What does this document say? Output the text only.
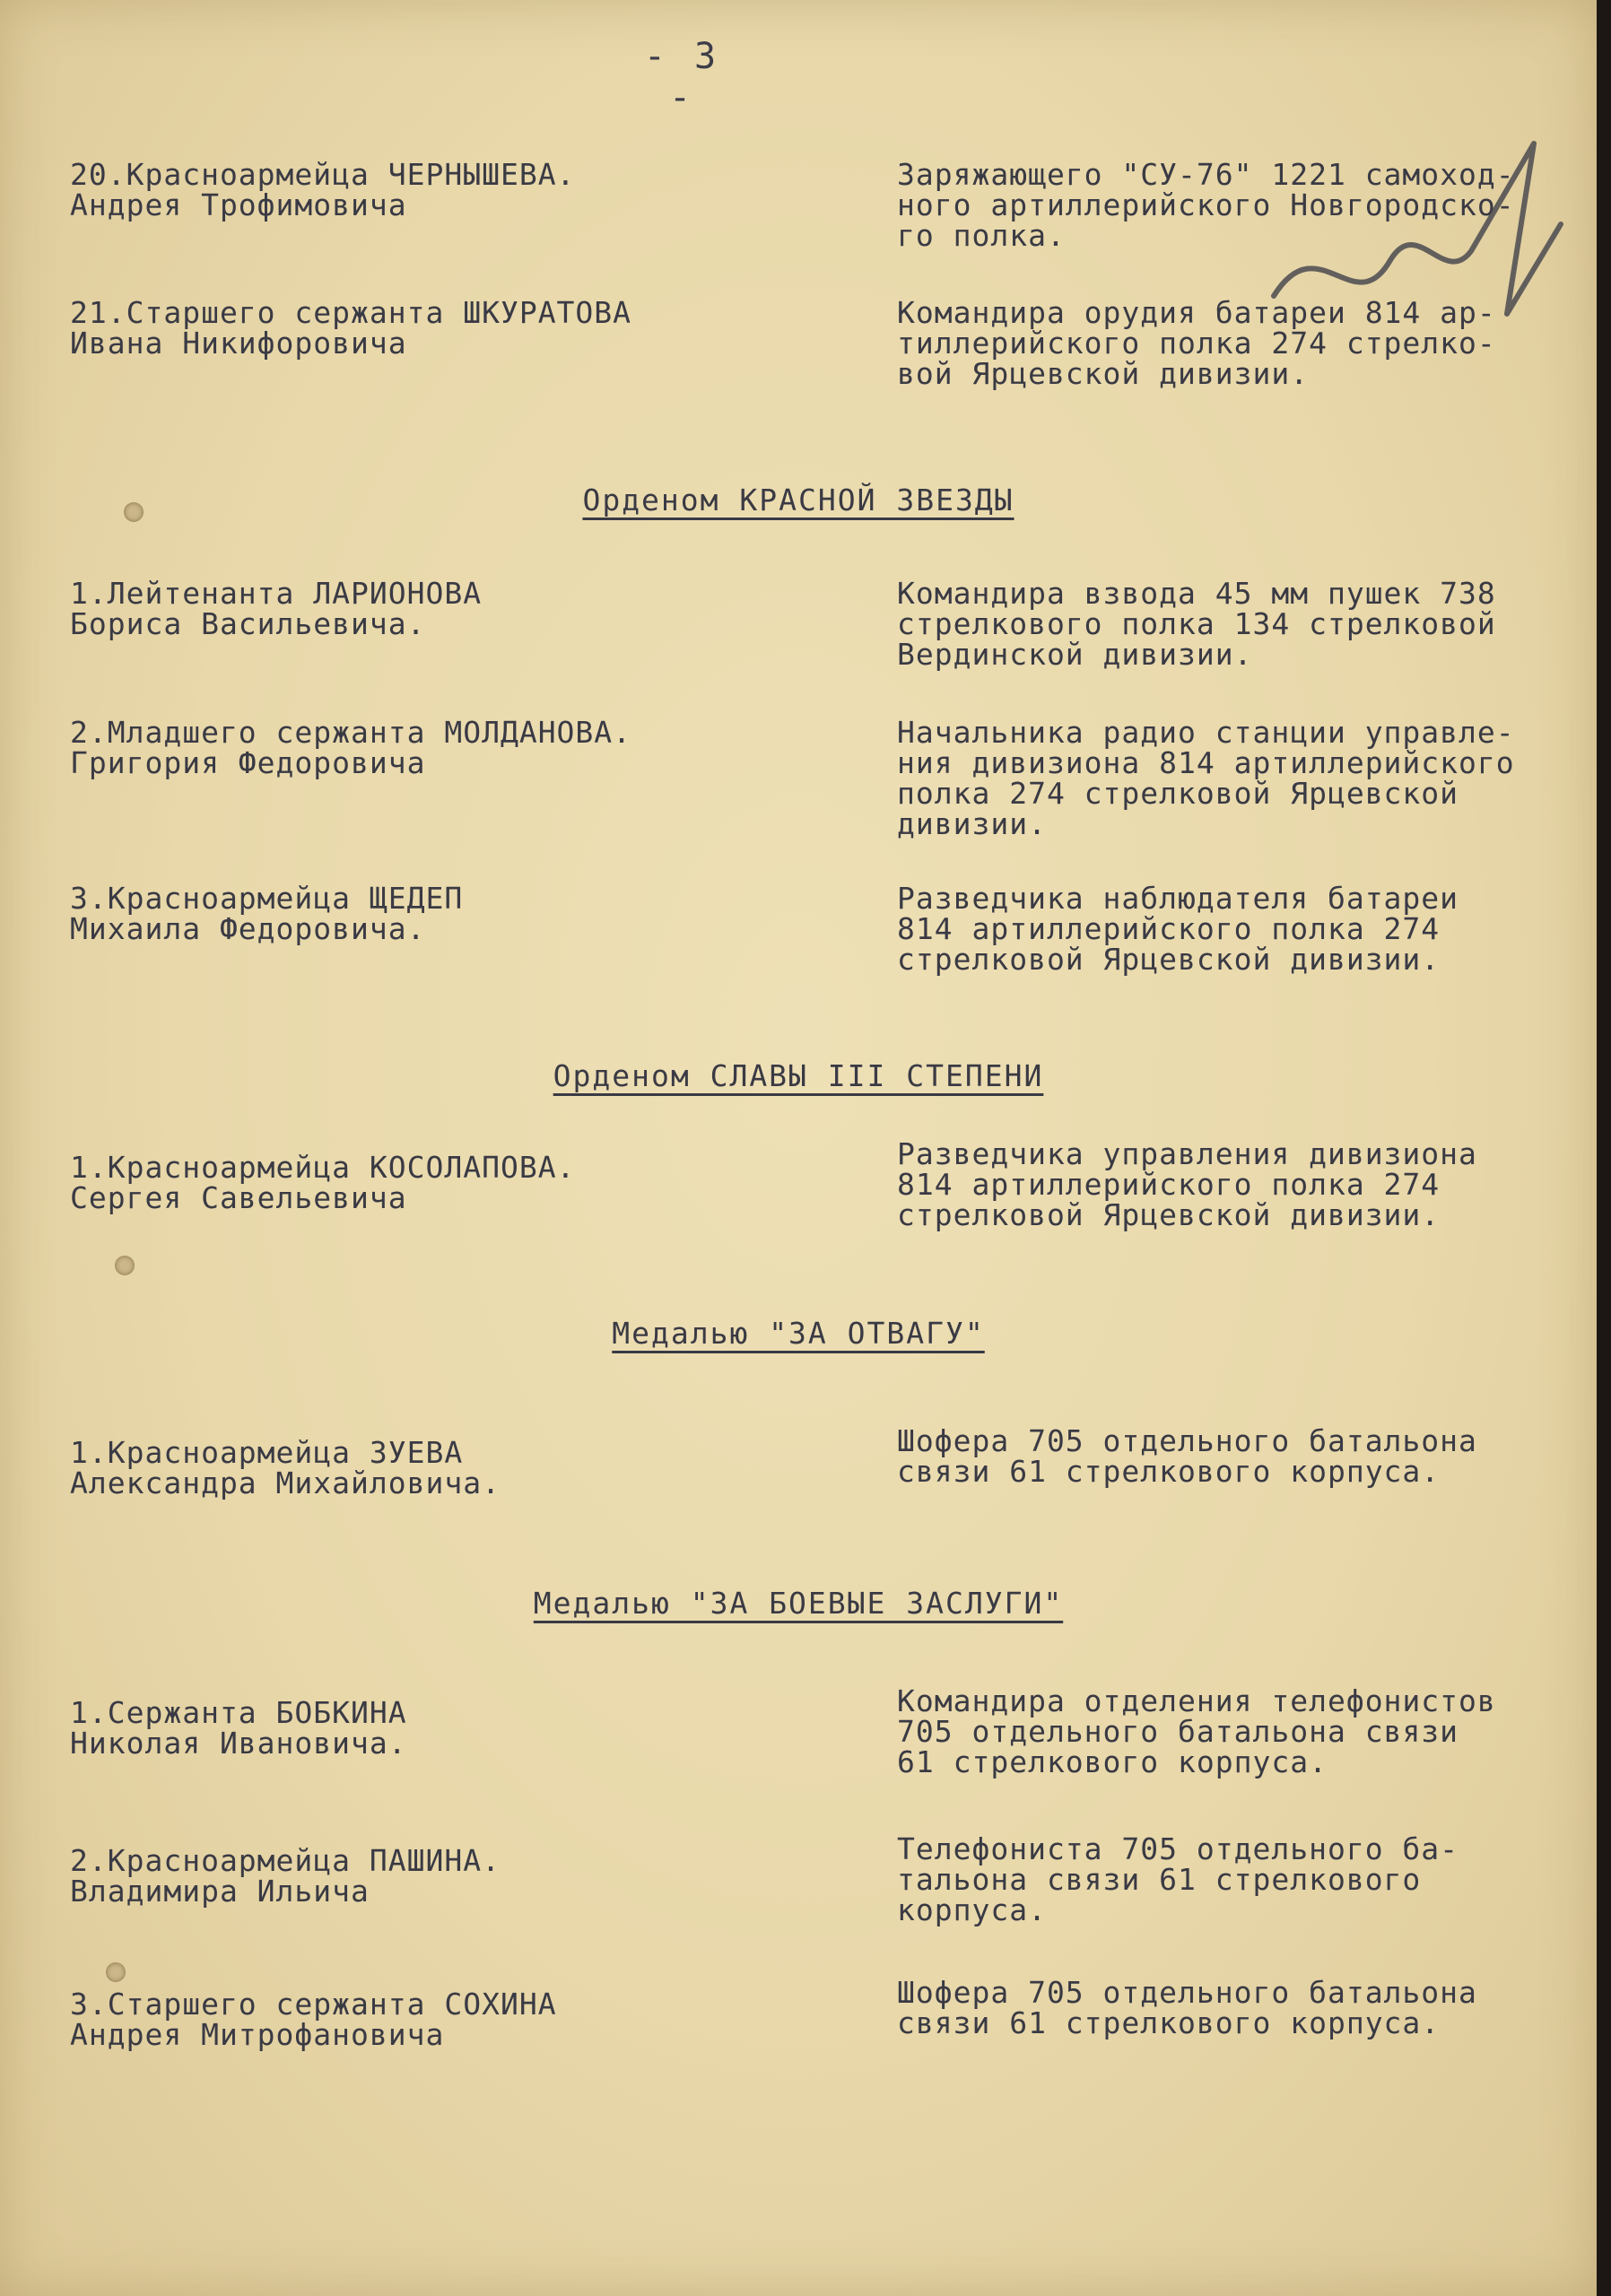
- 3 -
20.Красноармейца ЧЕРНЫШЕВА.
Андрея Трофимовича
Заряжающего "СУ-76" 1221 самоход-
ного артиллерийского Новгородско-
го полка.
21.Старшего сержанта ШКУРАТОВА
Ивана Никифоровича
Командира орудия батареи 814 ар-
тиллерийского полка 274 стрелко-
вой Ярцевской дивизии.
Орденом КРАСНОЙ ЗВЕЗДЫ
1.Лейтенанта ЛАРИОНОВА
Бориса Васильевича.
Командира взвода 45 мм пушек 738
стрелкового полка 134 стрелковой
Вердинской дивизии.
2.Младшего сержанта МОЛДАНОВА.
Григория Федоровича
Начальника радио станции управле-
ния дивизиона 814 артиллерийского
полка 274 стрелковой Ярцевской
дивизии.
3.Красноармейца ЩЕДЕП
Михаила Федоровича.
Разведчика наблюдателя батареи
814 артиллерийского полка 274
стрелковой Ярцевской дивизии.
Орденом СЛАВЫ III СТЕПЕНИ
1.Красноармейца КОСОЛАПОВА.
Сергея Савельевича
Разведчика управления дивизиона
814 артиллерийского полка 274
стрелковой Ярцевской дивизии.
Медалью "ЗА ОТВАГУ"
1.Красноармейца ЗУЕВА
Александра Михайловича.
Шофера 705 отдельного батальона
связи 61 стрелкового корпуса.
Медалью "ЗА БОЕВЫЕ ЗАСЛУГИ"
1.Сержанта БОБКИНА
Николая Ивановича.
Командира отделения телефонистов
705 отдельного батальона связи
61 стрелкового корпуса.
2.Красноармейца ПАШИНА.
Владимира Ильича
Телефониста 705 отдельного ба-
тальона связи 61 стрелкового
корпуса.
3.Старшего сержанта СОХИНА
Андрея Митрофановича
Шофера 705 отдельного батальона
связи 61 стрелкового корпуса.
